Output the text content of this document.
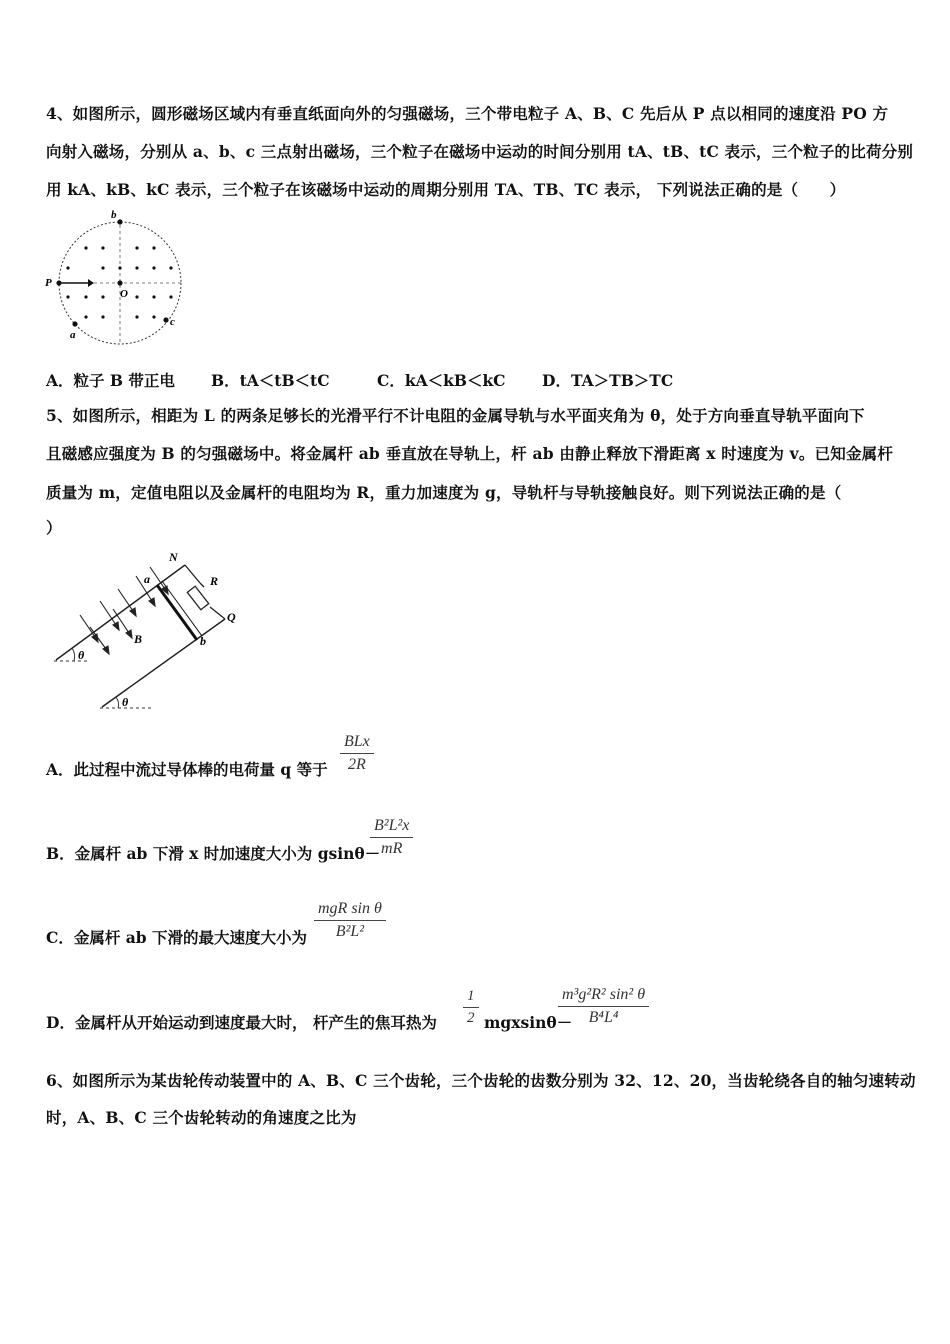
4、如图所示，圆形磁场区域内有垂直纸面向外的匀强磁场，三个带电粒子 A、B、C 先后从 P 点以相同的速度沿 PO 方
向射入磁场，分别从 a、b、c 三点射出磁场，三个粒子在磁场中运动的时间分别用 tA、tB、tC 表示，三个粒子的比荷分别
用 kA、kB、kC 表示，三个粒子在该磁场中运动的周期分别用 TA、TB、TC 表示， 下列说法正确的是（　　）
b
P
O
a
c
A．粒子 B 带正电 B．tA＜tB＜tC	C．kA＜kB＜kC D．TA＞TB＞TC
5、如图所示，相距为 L 的两条足够长的光滑平行不计电阻的金属导轨与水平面夹角为 θ，处于方向垂直导轨平面向下
且磁感应强度为 B 的匀强磁场中。将金属杆 ab 垂直放在导轨上，杆 ab 由静止释放下滑距离 x 时速度为 v。已知金属杆
质量为 m，定值电阻以及金属杆的电阻均为 R，重力加速度为 g，导轨杆与导轨接触良好。则下列说法正确的是（
）
N
R
Q
a
b
B
θ
θ
A．此过程中流过导体棒的电荷量 q 等于
BLx
2R
B．金属杆 ab 下滑 x 时加速度大小为 gsinθ－
B²L²x
mR
C．金属杆 ab 下滑的最大速度大小为
mgR sin θ
B²L²
D．金属杆从开始运动到速度最大时， 杆产生的焦耳热为
1
2 mgxsinθ－
m³g²R² sin² θ
B⁴L⁴
6、如图所示为某齿轮传动装置中的 A、B、C 三个齿轮，三个齿轮的齿数分别为 32、12、20，当齿轮绕各自的轴匀速转动
时，A、B、C 三个齿轮转动的角速度之比为
